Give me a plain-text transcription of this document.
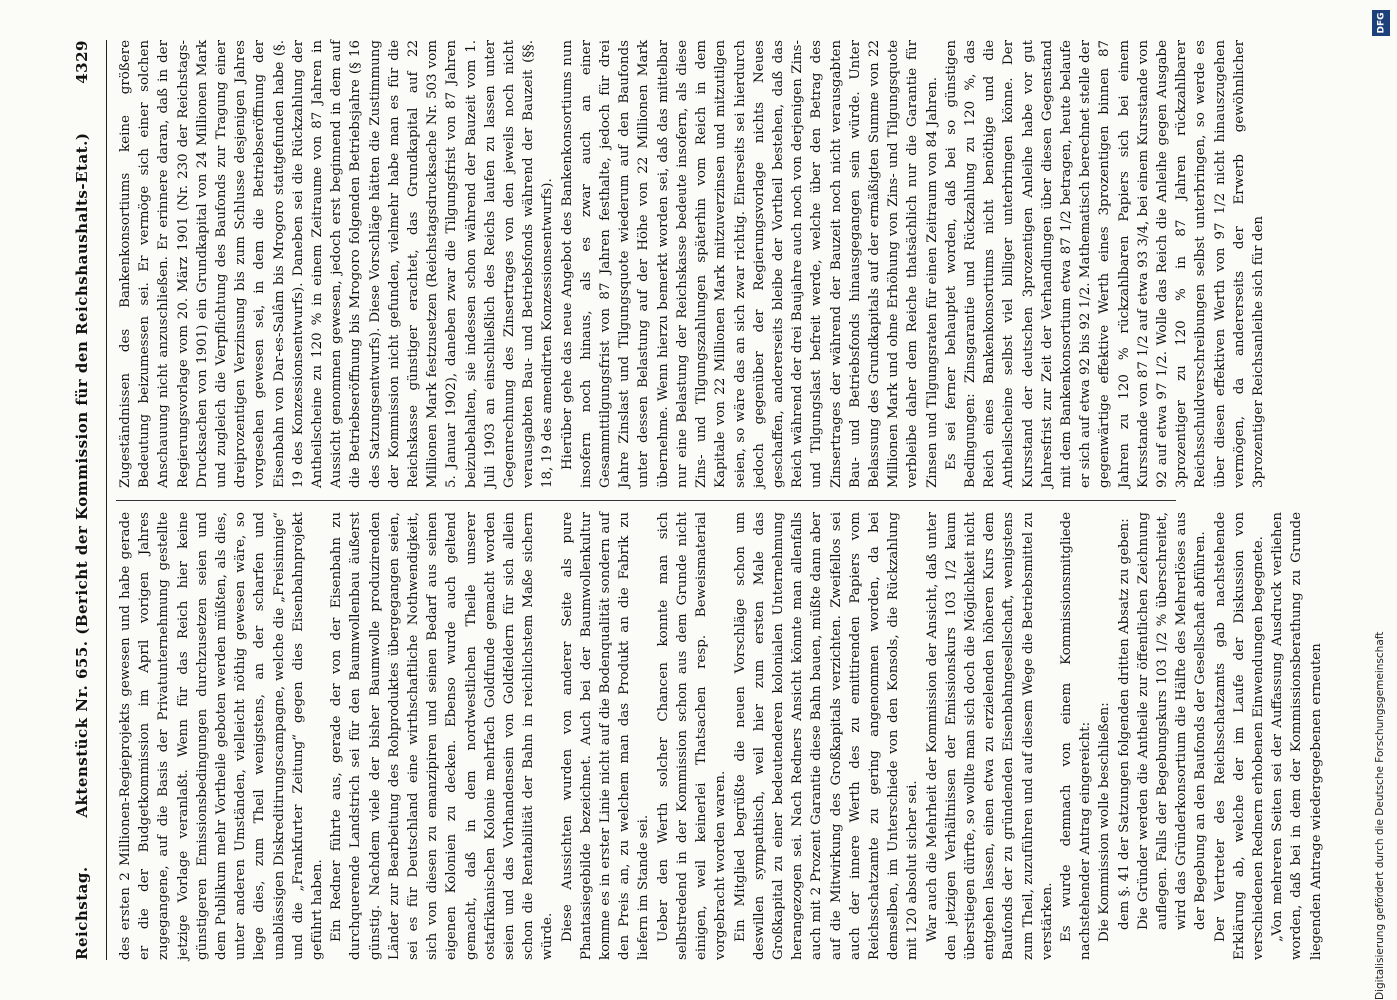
Reichstag.
Aktenstück Nr. 655. (Bericht der Kommission für den Reichshaushalts-Etat.)
4329

des ersten 2 Millionen-Regieprojekts gewesen und habe gerade er die der Budgetkommission im April vorigen Jahres zugegangene, auf die Basis der Privatunternehmung gestellte jetzige Vorlage veranlaßt. Wenn für das Reich hier keine günstigeren Emissionsbedingungen durchzusetzen seien und dem Publikum mehr Vortheile geboten werden müßten, als dies, unter anderen Umständen, vielleicht nöthig gewesen wäre, so liege dies, zum Theil wenigstens, an der scharfen und unablässigen Diskreditirungscampagne, welche die „Freisinnige“ und die „Frankfurter Zeitung“ gegen dies Eisenbahnprojekt geführt haben. Ein Redner führte aus, gerade der von der Eisenbahn zu durchquerende Landstrich sei für den Baumwollenbau äußerst günstig. Nachdem viele der bisher Baumwolle produzirenden Länder zur Bearbeitung des Rohproduktes übergegangen seien, sei es für Deutschland eine wirthschaftliche Nothwendigkeit, sich von diesen zu emanzipiren und seinen Bedarf aus seinen eigenen Kolonien zu decken. Ebenso wurde auch geltend gemacht, daß in dem nordwestlichen Theile unserer ostafrikanischen Kolonie mehrfach Goldfunde gemacht worden seien und das Vorhandensein von Goldfeldern für sich allein schon die Rentabilität der Bahn in reichlichstem Maße sichern würde. Diese Aussichten wurden von anderer Seite als pure Phantasiegebilde bezeichnet. Auch bei der Baumwollenkultur komme es in erster Linie nicht auf die Bodenqualität sondern auf den Preis an, zu welchem man das Produkt an die Fabrik zu liefern im Stande sei. Ueber den Werth solcher Chancen konnte man sich selbstredend in der Kommission schon aus dem Grunde nicht einigen, weil keinerlei Thatsachen resp. Beweismaterial vorgebracht worden waren. Ein Mitglied begrüßte die neuen Vorschläge schon um deswillen sympathisch, weil hier zum ersten Male das Großkapital zu einer bedeutenderen kolonialen Unternehmung herangezogen sei. Nach Redners Ansicht könnte man allenfalls auch mit 2 Prozent Garantie diese Bahn bauen, müßte dann aber auf die Mitwirkung des Großkapitals verzichten. Zweifellos sei auch der innere Werth des zu emittirenden Papiers vom Reichsschatzamte zu gering angenommen worden, da bei demselben, im Unterschiede von den Konsols, die Rückzahlung mit 120 absolut sicher sei. War auch die Mehrheit der Kommission der Ansicht, daß unter den jetzigen Verhältnissen der Emissionskurs 103 1/2 kaum überstiegen dürfte, so wollte man sich doch die Möglichkeit nicht entgehen lassen, einen etwa zu erzielenden höheren Kurs dem Baufonds der zu gründenden Eisenbahngesellschaft, wenigstens zum Theil, zuzuführen und auf diesem Wege die Betriebsmittel zu verstärken. Es wurde demnach von einem Kommissionsmitgliede nachstehender Antrag eingereicht: Die Kommission wolle beschließen: dem §. 41 der Satzungen folgenden dritten Absatz zu geben: Die Gründer werden die Antheile zur öffentlichen Zeichnung auflegen. Falls der Begebungskurs 103 1/2 % überschreitet, wird das Gründerkonsortium die Hälfte des Mehrerlöses aus der Begebung an den Baufonds der Gesellschaft abführen. Der Vertreter des Reichsschatzamts gab nachstehende Erklärung ab, welche der im Laufe der Diskussion von verschiedenen Rednern erhobenen Einwendungen begegnete. „Von mehreren Seiten sei der Auffassung Ausdruck verliehen worden, daß bei in dem der Kommissionsberathung zu Grunde liegenden Antrage wiedergegebenen erneuten

Zugeständnissen des Bankenkonsortiums keine größere Bedeutung beizumessen sei. Er vermöge sich einer solchen Anschauung nicht anzuschließen. Er erinnere daran, daß in der Regierungsvorlage vom 20. März 1901 (Nr. 230 der Reichstags-Drucksachen von 1901) ein Grundkapital von 24 Millionen Mark und zugleich die Verpflichtung des Baufonds zur Tragung einer dreiprozentigen Verzinsung bis zum Schlusse desjenigen Jahres vorgesehen gewesen sei, in dem die Betriebseröffnung der Eisenbahn von Dar-es-Salâm bis Mrogoro stattgefunden habe (§. 19 des Konzessionsentwurfs). Daneben sei die Rückzahlung der Antheilscheine zu 120 % in einem Zeitraume von 87 Jahren in Aussicht genommen gewesen, jedoch erst beginnend in dem auf die Betriebseröffnung bis Mrogoro folgenden Betriebsjahre (§ 16 des Satzungsentwurfs). Diese Vorschläge hätten die Zustimmung der Kommission nicht gefunden, vielmehr habe man es für die Reichskasse günstiger erachtet, das Grundkapital auf 22 Millionen Mark festzusetzen (Reichstagsdrucksache Nr. 503 vom 5. Januar 1902), daneben zwar die Tilgungsfrist von 87 Jahren beizubehalten, sie indessen schon während der Bauzeit vom 1. Juli 1903 an einschließlich des Reichs laufen zu lassen unter Gegenrechnung des Zinsertrages von den jeweils noch nicht verausgabten Bau- und Betriebsfonds während der Bauzeit (§§. 18, 19 des amendirten Konzessionsentwurfs). Hierüber gehe das neue Angebot des Bankenkonsortiums nun insofern noch hinaus, als es zwar auch an einer Gesammttilgungsfrist von 87 Jahren festhalte, jedoch für drei Jahre Zinslast und Tilgungsquote wiederum auf den Baufonds unter dessen Belastung auf der Höhe von 22 Millionen Mark übernehme. Wenn hierzu bemerkt worden sei, daß das mittelbar nur eine Belastung der Reichskasse bedeute insofern, als diese Zins- und Tilgungszahlungen späterhin vom Reich in dem Kapitale von 22 Millionen Mark mitzuverzinsen und mitzutilgen seien, so wäre das an sich zwar richtig. Einerseits sei hierdurch jedoch gegenüber der Regierungsvorlage nichts Neues geschaffen, andererseits bleibe der Vortheil bestehen, daß das Reich während der drei Baujahre auch noch von derjenigen Zins- und Tilgungslast befreit werde, welche über den Betrag des Zinsertrages der während der Bauzeit noch nicht verausgabten Bau- und Betriebsfonds hinausgegangen sein würde. Unter Belassung des Grundkapitals auf der ermäßigten Summe von 22 Millionen Mark und ohne Erhöhung von Zins- und Tilgungsquote verbleibe daher dem Reiche thatsächlich nur die Garantie für Zinsen und Tilgungsraten für einen Zeitraum von 84 Jahren. Es sei ferner behauptet worden, daß bei so günstigen Bedingungen: Zinsgarantie und Rückzahlung zu 120 %, das Reich eines Bankenkonsortiums nicht benöthige und die Antheilscheine selbst viel billiger unterbringen könne. Der Kursstand der deutschen 3prozentigen Anleihe habe vor gut Jahresfrist zur Zeit der Verhandlungen über diesen Gegenstand mit dem Bankenkonsortium etwa 87 1/2 betragen, heute belaufe er sich auf etwa 92 bis 92 1/2. Mathematisch berechnet stelle der gegenwärtige effektive Werth eines 3prozentigen binnen 87 Jahren zu 120 % rückzahlbaren Papiers sich bei einem Kursstande von 87 1/2 auf etwa 93 3/4, bei einem Kursstande von 92 auf etwa 97 1/2. Wolle das Reich die Anleihe gegen Ausgabe 3prozentiger zu 120 % in 87 Jahren rückzahlbarer Reichsschuldverschreibungen selbst unterbringen, so werde es über diesen effektiven Werth von 97 1/2 nicht hinauszugehen vermögen, da andererseits der Erwerb gewöhnlicher 3prozentiger Reichsanleihe sich für den

DFG
Digitalisierung gefördert durch die Deutsche Forschungsgemeinschaft
